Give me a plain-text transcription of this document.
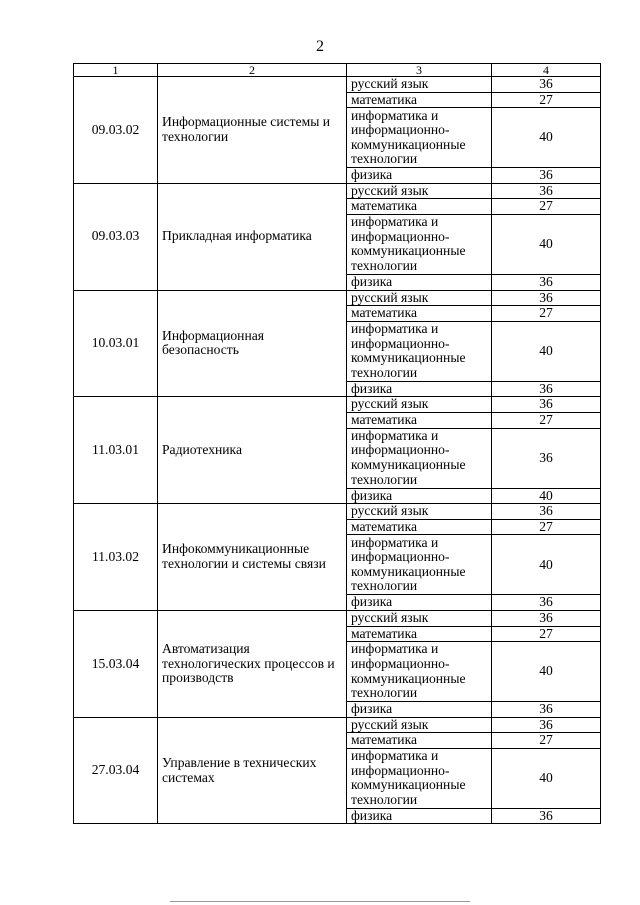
2
1	2	3	4
09.03.02	Информационные системы и технологии	русский язык	36
		математика	27
		информатика и информационно-коммуникационные технологии	40
		физика	36
09.03.03	Прикладная информатика	русский язык	36
		математика	27
		информатика и информационно-коммуникационные технологии	40
		физика	36
10.03.01	Информационная безопасность	русский язык	36
		математика	27
		информатика и информационно-коммуникационные технологии	40
		физика	36
11.03.01	Радиотехника	русский язык	36
		математика	27
		информатика и информационно-коммуникационные технологии	36
		физика	40
11.03.02	Инфокоммуникационные технологии и системы связи	русский язык	36
		математика	27
		информатика и информационно-коммуникационные технологии	40
		физика	36
15.03.04	Автоматизация технологических процессов и производств	русский язык	36
		математика	27
		информатика и информационно-коммуникационные технологии	40
		физика	36
27.03.04	Управление в технических системах	русский язык	36
		математика	27
		информатика и информационно-коммуникационные технологии	40
		физика	36
